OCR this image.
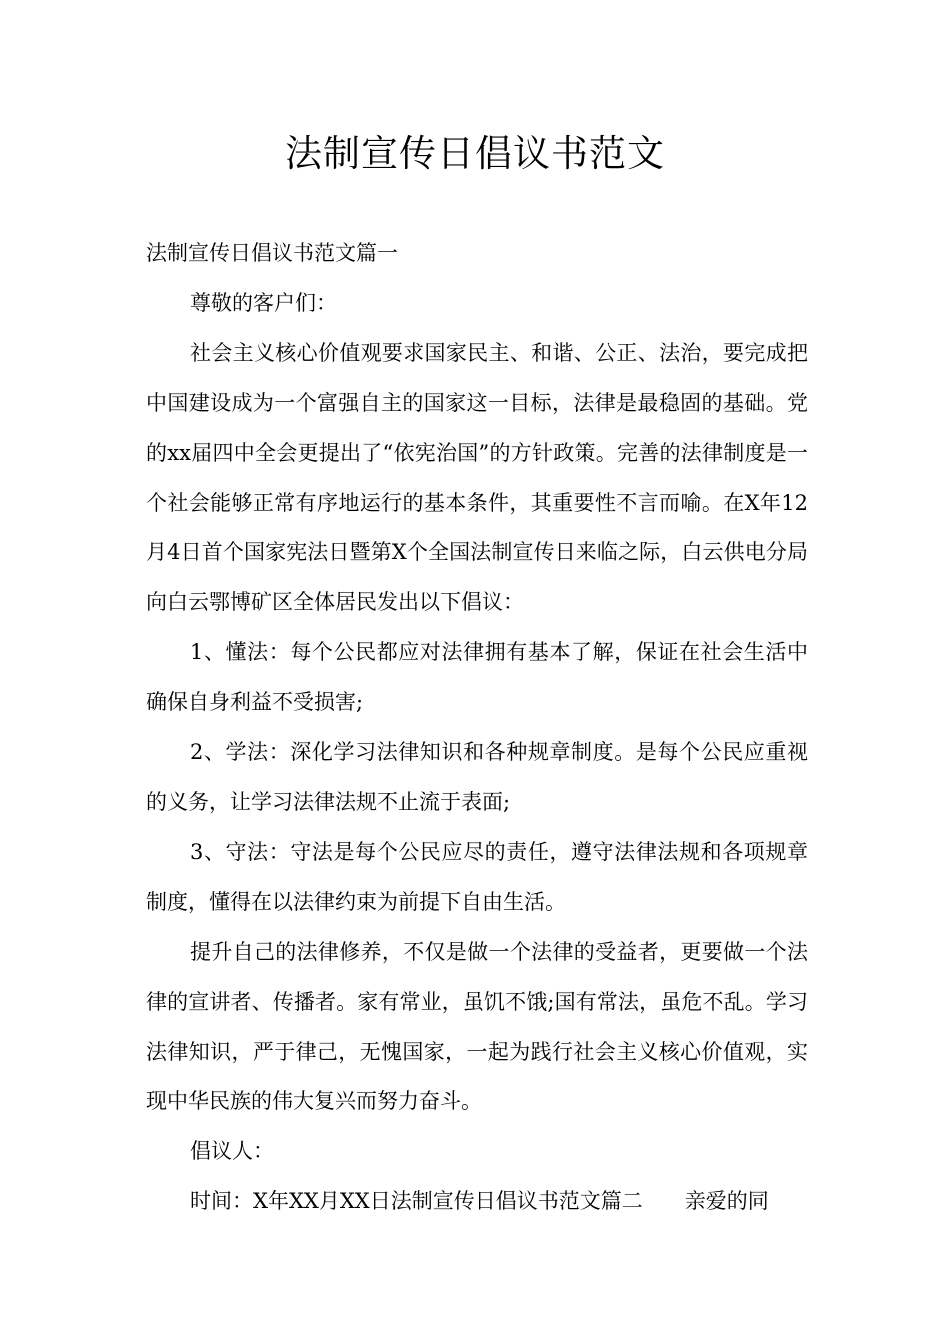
法制宣传日倡议书范文

法制宣传日倡议书范文篇一

尊敬的客户们：

社会主义核心价值观要求国家民主、和谐、公正、法治，要完成把中国建设成为一个富强自主的国家这一目标，法律是最稳固的基础。党的xx届四中全会更提出了“依宪治国”的方针政策。完善的法律制度是一个社会能够正常有序地运行的基本条件，其重要性不言而喻。在X年12月4日首个国家宪法日暨第X个全国法制宣传日来临之际，白云供电分局向白云鄂博矿区全体居民发出以下倡议：

1、懂法：每个公民都应对法律拥有基本了解，保证在社会生活中确保自身利益不受损害;

2、学法：深化学习法律知识和各种规章制度。是每个公民应重视的义务，让学习法律法规不止流于表面;

3、守法：守法是每个公民应尽的责任，遵守法律法规和各项规章制度，懂得在以法律约束为前提下自由生活。

提升自己的法律修养，不仅是做一个法律的受益者，更要做一个法律的宣讲者、传播者。家有常业，虽饥不饿;国有常法，虽危不乱。学习法律知识，严于律己，无愧国家，一起为践行社会主义核心价值观，实现中华民族的伟大复兴而努力奋斗。

倡议人：

时间：X年XX月XX日法制宣传日倡议书范文篇二　　亲爱的同
